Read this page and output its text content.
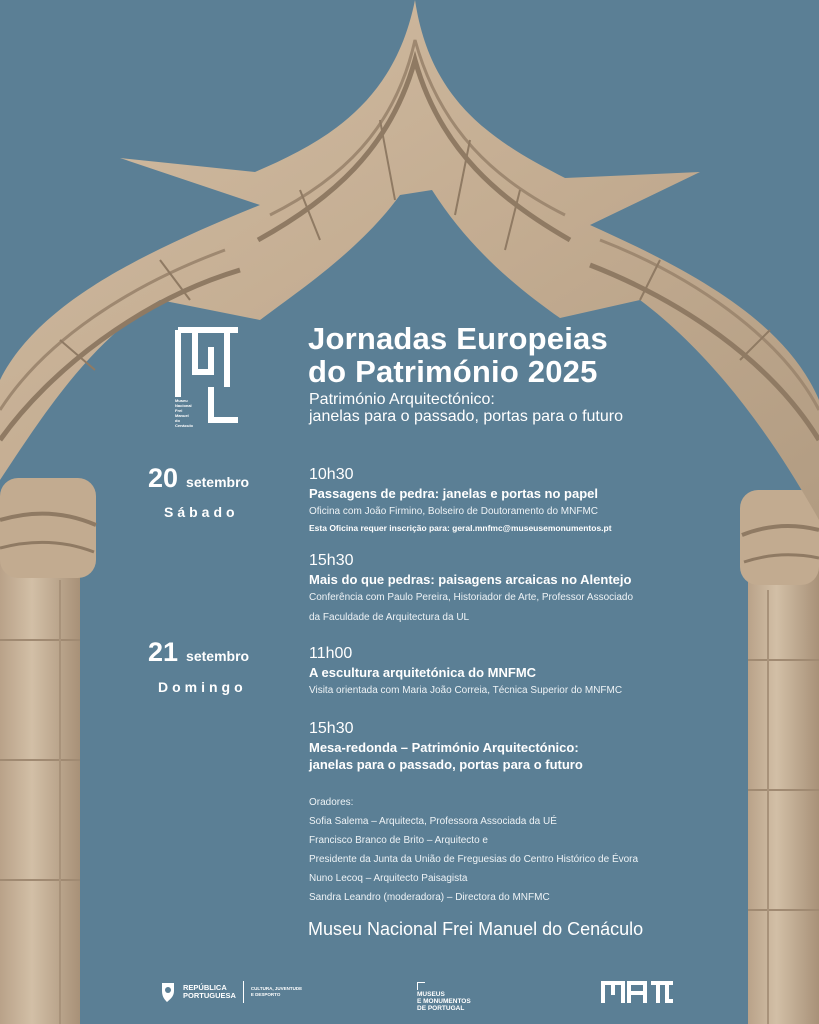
Museu
Nacional
Frei
Manuel
do
Cenáculo
Jornadas Europeias
do Património 2025
Património Arquitectónico:
janelas para o passado, portas para o futuro
20 setembro
Sábado
10h30
Passagens de pedra: janelas e portas no papel
Oficina com João Firmino, Bolseiro de Doutoramento do MNFMC
Esta Oficina requer inscrição para: geral.mnfmc@museusemonumentos.pt
15h30
Mais do que pedras: paisagens arcaicas no Alentejo
Conferência com Paulo Pereira, Historiador de Arte, Professor Associado
da Faculdade de Arquitectura da UL
21 setembro
Domingo
11h00
A escultura arquitetónica do MNFMC
Visita orientada com Maria João Correia, Técnica Superior do MNFMC
15h30
Mesa-redonda – Património Arquitectónico:
janelas para o passado, portas para o futuro
Oradores:
Sofia Salema – Arquitecta, Professora Associada da UÉ
Francisco Branco de Brito – Arquitecto e
Presidente da Junta da União de Freguesias do Centro Histórico de Évora
Nuno Lecoq – Arquitecto Paisagista
Sandra Leandro (moderadora) – Directora do MNFMC
Museu Nacional Frei Manuel do Cenáculo
REPÚBLICA
PORTUGUESA
CULTURA, JUVENTUDE
E DESPORTO	MUSEUS
E MONUMENTOS
DE PORTUGAL
